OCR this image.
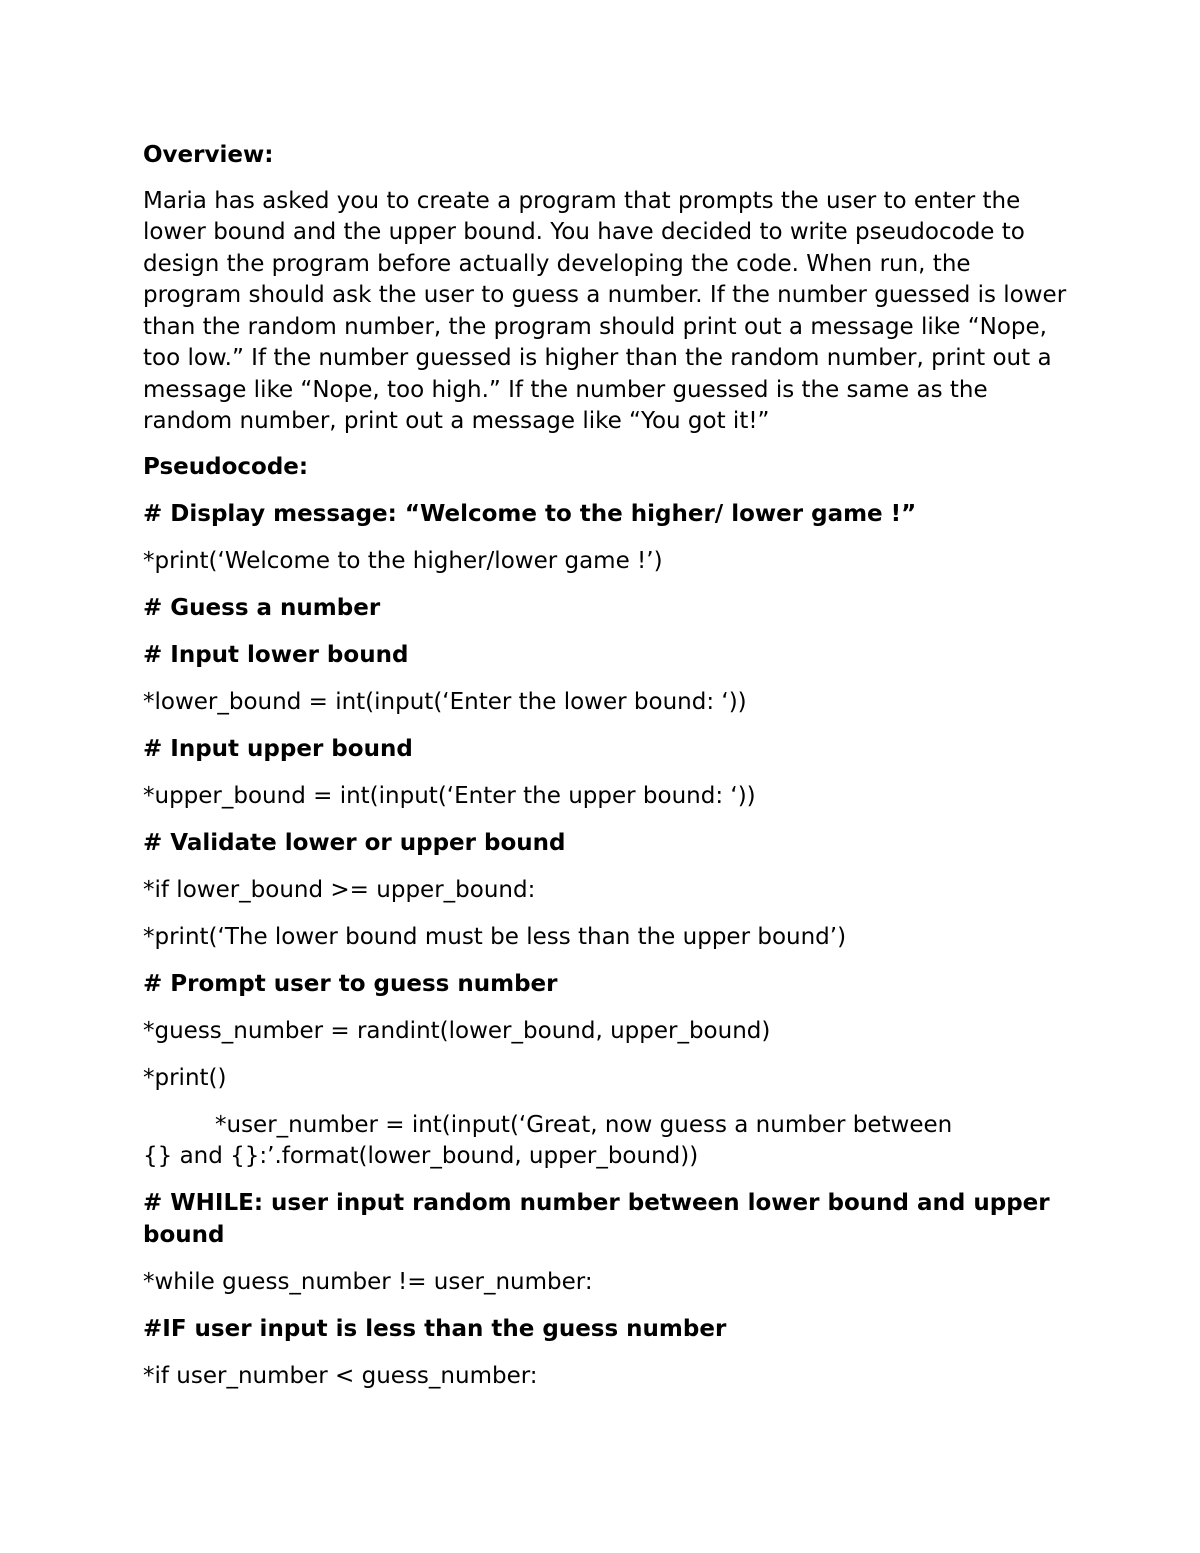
Overview:

Maria has asked you to create a program that prompts the user to enter the lower bound and the upper bound. You have decided to write pseudocode to design the program before actually developing the code. When run, the program should ask the user to guess a number. If the number guessed is lower than the random number, the program should print out a message like “Nope, too low.” If the number guessed is higher than the random number, print out a message like “Nope, too high.” If the number guessed is the same as the random number, print out a message like “You got it!”

Pseudocode:

# Display message: “Welcome to the higher/ lower game !”

*print(‘Welcome to the higher/lower game !’)

# Guess a number

# Input lower bound

*lower_bound = int(input(‘Enter the lower bound: ‘))

# Input upper bound

*upper_bound = int(input(‘Enter the upper bound: ‘))

# Validate lower or upper bound

*if lower_bound >= upper_bound:

*print(‘The lower bound must be less than the upper bound’)

# Prompt user to guess number

*guess_number = randint(lower_bound, upper_bound)

*print()

*user_number = int(input(‘Great, now guess a number between
{} and {}:’.format(lower_bound, upper_bound))

# WHILE: user input random number between lower bound and upper bound

*while guess_number != user_number:

#IF user input is less than the guess number

*if user_number < guess_number:
